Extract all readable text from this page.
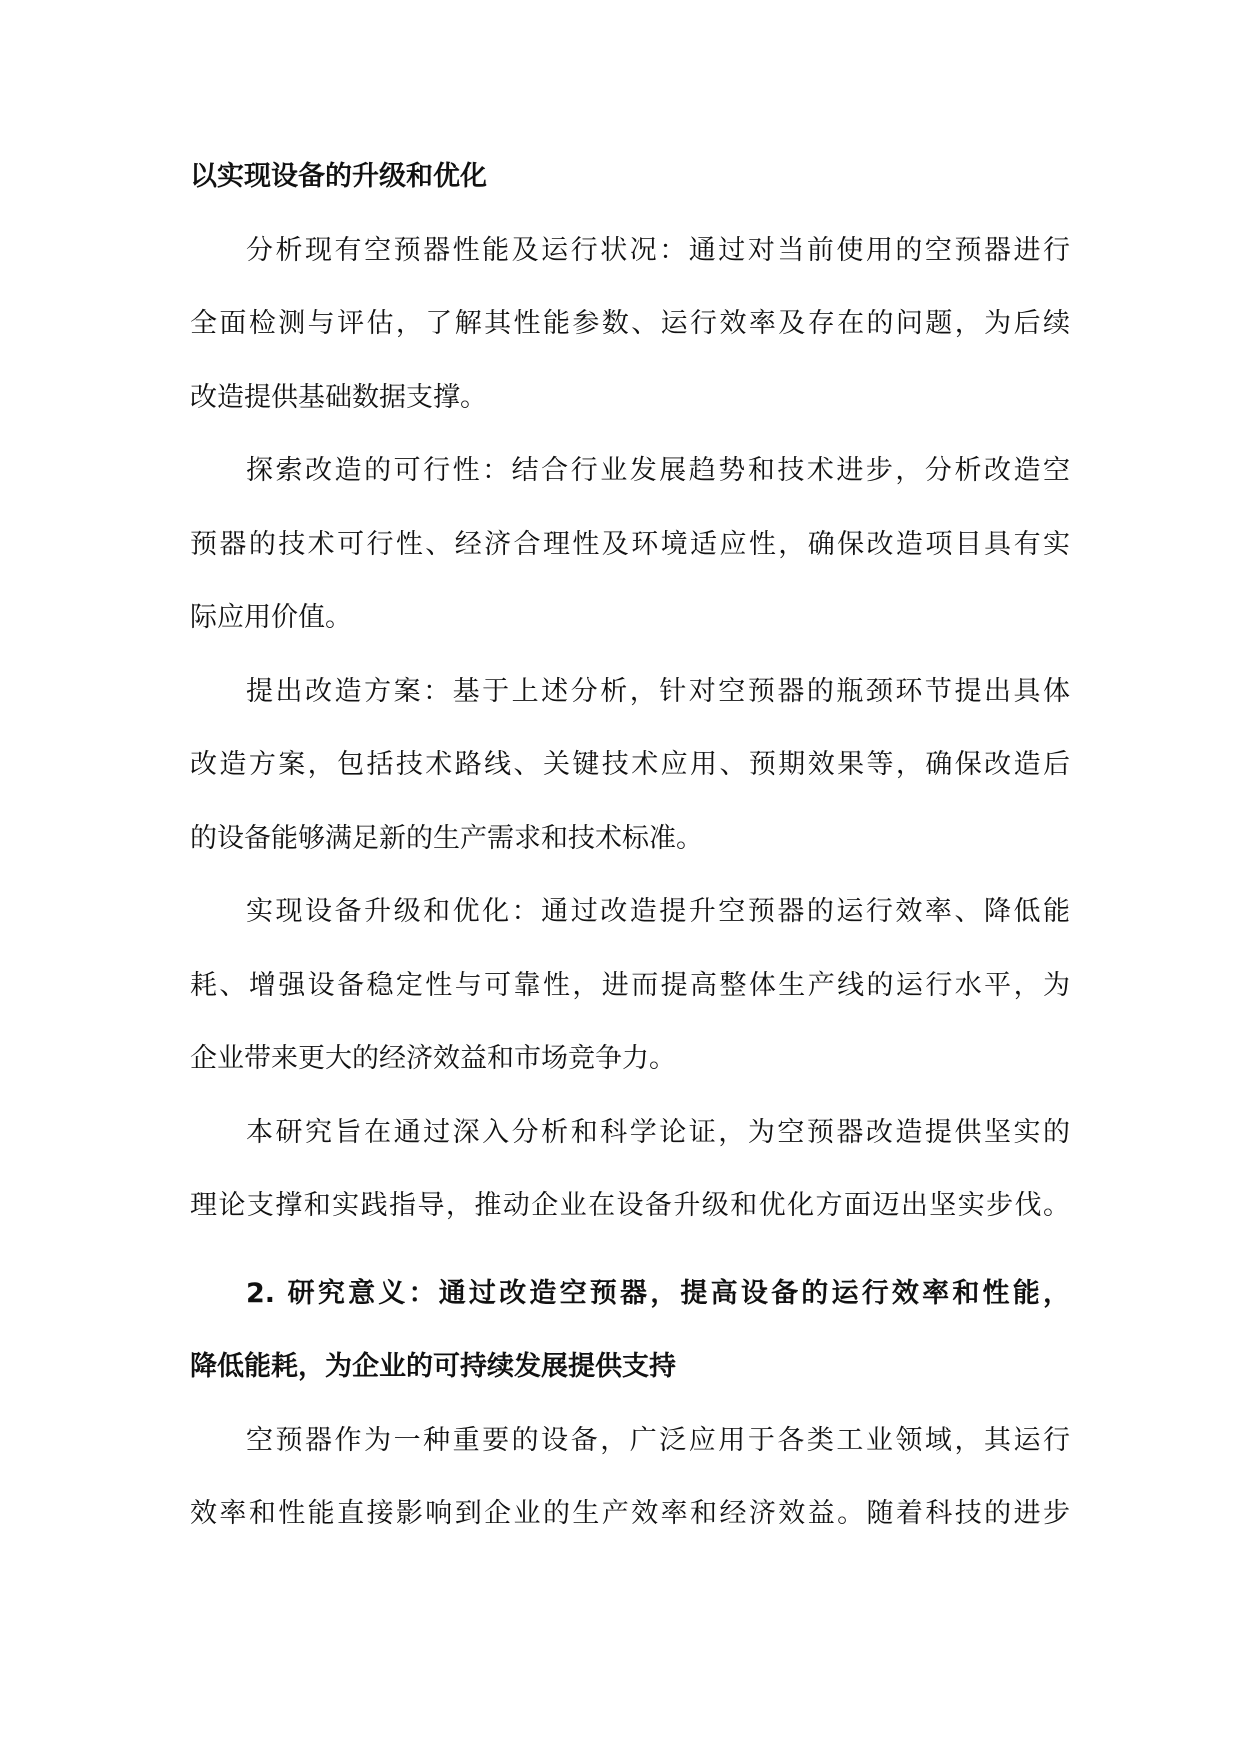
以实现设备的升级和优化
分析现有空预器性能及运行状况：通过对当前使用的空预器进行
全面检测与评估，了解其性能参数、运行效率及存在的问题，为后续
改造提供基础数据支撑。
探索改造的可行性：结合行业发展趋势和技术进步，分析改造空
预器的技术可行性、经济合理性及环境适应性，确保改造项目具有实
际应用价值。
提出改造方案：基于上述分析，针对空预器的瓶颈环节提出具体
改造方案，包括技术路线、关键技术应用、预期效果等，确保改造后
的设备能够满足新的生产需求和技术标准。
实现设备升级和优化：通过改造提升空预器的运行效率、降低能
耗、增强设备稳定性与可靠性，进而提高整体生产线的运行水平，为
企业带来更大的经济效益和市场竞争力。
本研究旨在通过深入分析和科学论证，为空预器改造提供坚实的
理论支撑和实践指导，推动企业在设备升级和优化方面迈出坚实步伐。
2. 研究意义：通过改造空预器，提高设备的运行效率和性能，
降低能耗，为企业的可持续发展提供支持
空预器作为一种重要的设备，广泛应用于各类工业领域，其运行
效率和性能直接影响到企业的生产效率和经济效益。随着科技的进步
